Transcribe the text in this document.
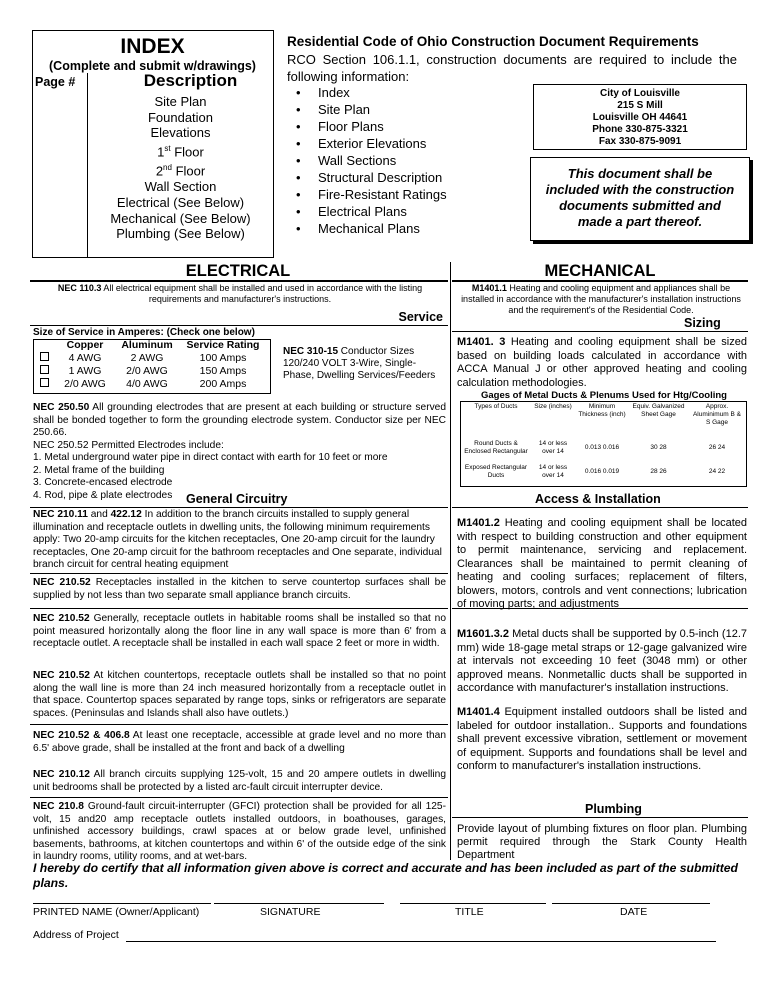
INDEX
(Complete and submit w/drawings)
Page #	Description
Site Plan
Foundation
Elevations
1st Floor
2nd Floor
Wall Section
Electrical (See Below)
Mechanical (See Below)
Plumbing (See Below)
Residential Code of Ohio Construction Document Requirements
RCO Section 106.1.1, construction documents are required to include the following information:
• Index
• Site Plan
• Floor Plans
• Exterior Elevations
• Wall Sections
• Structural Description
• Fire-Resistant Ratings
• Electrical Plans
• Mechanical Plans
City of Louisville
215 S Mill
Louisville OH 44641
Phone 330-875-3321
Fax 330-875-9091
This document shall be included with the construction documents submitted and made a part thereof.
ELECTRICAL
NEC 110.3 All electrical equipment shall be installed and used in accordance with the listing requirements and manufacturer's instructions.
Service
Size of Service in Amperes: (Check one below)
Copper	Aluminum	Service Rating
4 AWG	2 AWG	100 Amps
1 AWG	2/0 AWG	150 Amps
2/0 AWG	4/0 AWG	200 Amps
NEC 310-15 Conductor Sizes 120/240 VOLT 3-Wire, Single-Phase, Dwelling Services/Feeders
NEC 250.50 All grounding electrodes that are present at each building or structure served shall be bonded together to form the grounding electrode system. Conductor size per NEC 250.66.
NEC 250.52 Permitted Electrodes include:
1. Metal underground water pipe in direct contact with earth for 10 feet or more
2. Metal frame of the building
3. Concrete-encased electrode
4. Rod, pipe & plate electrodes	General Circuitry
NEC 210.11 and 422.12 In addition to the branch circuits installed to supply general illumination and receptacle outlets in dwelling units, the following minimum requirements apply: Two 20-amp circuits for the kitchen receptacles, One 20-amp circuit for the laundry receptacles, One 20-amp circuit for the bathroom receptacles and One separate, individual branch circuit for central heating equipment
NEC 210.52 Receptacles installed in the kitchen to serve countertop surfaces shall be supplied by not less than two separate small appliance branch circuits.
NEC 210.52 Generally, receptacle outlets in habitable rooms shall be installed so that no point measured horizontally along the floor line in any wall space is more than 6' from a receptacle outlet. A receptacle shall be installed in each wall space 2 feet or more in width.
NEC 210.52 At kitchen countertops, receptacle outlets shall be installed so that no point along the wall line is more than 24 inch measured horizontally from a receptacle outlet in that space. Countertop spaces separated by range tops, sinks or refrigerators are separate spaces. (Peninsulas and Islands shall also have outlets.)
NEC 210.52 & 406.8 At least one receptacle, accessible at grade level and no more than 6.5' above grade, shall be installed at the front and back of a dwelling
NEC 210.12 All branch circuits supplying 125-volt, 15 and 20 ampere outlets in dwelling unit bedrooms shall be protected by a listed arc-fault circuit interrupter device.
NEC 210.8 Ground-fault circuit-interrupter (GFCI) protection shall be provided for all 125-volt, 15 and20 amp receptacle outlets installed outdoors, in boathouses, garages, unfinished accessory buildings, crawl spaces at or below grade level, unfinished basements, bathrooms, at kitchen countertops and within 6' of the outside edge of the sink in laundry rooms, utility rooms, and at wet-bars.
MECHANICAL
M1401.1 Heating and cooling equipment and appliances shall be installed in accordance with the manufacturer's installation instructions and the requirement's of the Residential Code.
Sizing
M1401. 3 Heating and cooling equipment shall be sized based on building loads calculated in accordance with ACCA Manual J or other approved heating and cooling calculation methodologies.
Gages of Metal Ducts & Plenums Used for Htg/Cooling
Types of Ducts	Size (inches)	Minimum Thickness (inch)	Equiv. Galvanized Sheet Gage	Approx. Aluminimum B & S Gage
Round Ducts & Enclosed Rectangular	14 or less over 14	0.013 0.016	30 28	26 24
Exposed Rectangular Ducts	14 or less over 14	0.016 0.019	28 26	24 22
Access & Installation
M1401.2 Heating and cooling equipment shall be located with respect to building construction and other equipment to permit maintenance, servicing and replacement. Clearances shall be maintained to permit cleaning of heating and cooling surfaces; replacement of filters, blowers, motors, controls and vent connections; lubrication of moving parts; and adjustments
M1601.3.2 Metal ducts shall be supported by 0.5-inch (12.7 mm) wide 18-gage metal straps or 12-gage galvanized wire at intervals not exceeding 10 feet (3048 mm) or other approved means. Nonmetallic ducts shall be supported in accordance with manufacturer's installation instructions.
M1401.4 Equipment installed outdoors shall be listed and labeled for outdoor installation.. Supports and foundations shall prevent excessive vibration, settlement or movement of equipment. Supports and foundations shall be level and conform to manufacturer's installation instructions.
Plumbing
Provide layout of plumbing fixtures on floor plan. Plumbing permit required through the Stark County Health Department
I hereby do certify that all information given above is correct and accurate and has been included as part of the submitted plans.
PRINTED NAME (Owner/Applicant)	SIGNATURE	TITLE	DATE
Address of Project
